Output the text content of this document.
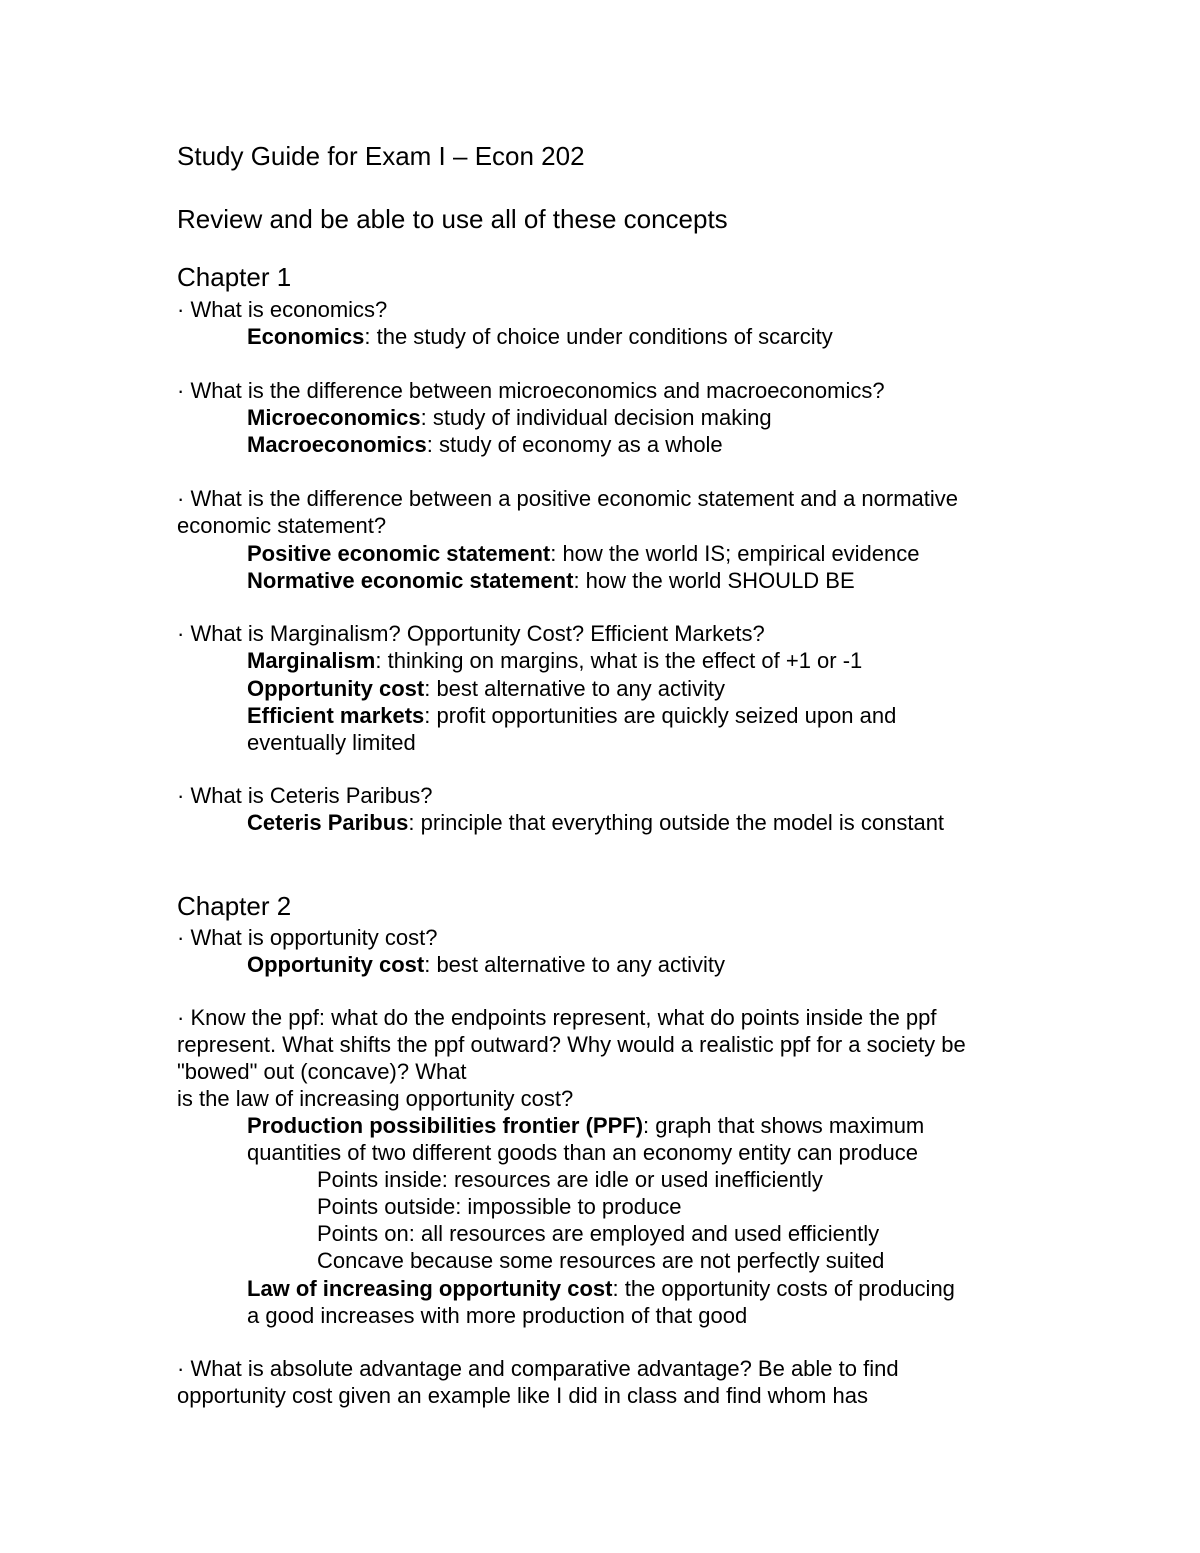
Study Guide for Exam I – Econ 202
Review and be able to use all of these concepts
Chapter 1
· What is economics?
Economics: the study of choice under conditions of scarcity
· What is the difference between microeconomics and macroeconomics?
Microeconomics: study of individual decision making
Macroeconomics: study of economy as a whole
· What is the difference between a positive economic statement and a normative
economic statement?
Positive economic statement: how the world IS; empirical evidence
Normative economic statement: how the world SHOULD BE
· What is Marginalism? Opportunity Cost? Efficient Markets?
Marginalism: thinking on margins, what is the effect of +1 or -1
Opportunity cost: best alternative to any activity
Efficient markets: profit opportunities are quickly seized upon and
eventually limited
· What is Ceteris Paribus?
Ceteris Paribus: principle that everything outside the model is constant
Chapter 2
· What is opportunity cost?
Opportunity cost: best alternative to any activity
· Know the ppf: what do the endpoints represent, what do points inside the ppf
represent. What shifts the ppf outward? Why would a realistic ppf for a society be
"bowed" out (concave)? What
is the law of increasing opportunity cost?
Production possibilities frontier (PPF): graph that shows maximum
quantities of two different goods than an economy entity can produce
Points inside: resources are idle or used inefficiently
Points outside: impossible to produce
Points on: all resources are employed and used efficiently
Concave because some resources are not perfectly suited
Law of increasing opportunity cost: the opportunity costs of producing
a good increases with more production of that good
· What is absolute advantage and comparative advantage? Be able to find
opportunity cost given an example like I did in class and find whom has
